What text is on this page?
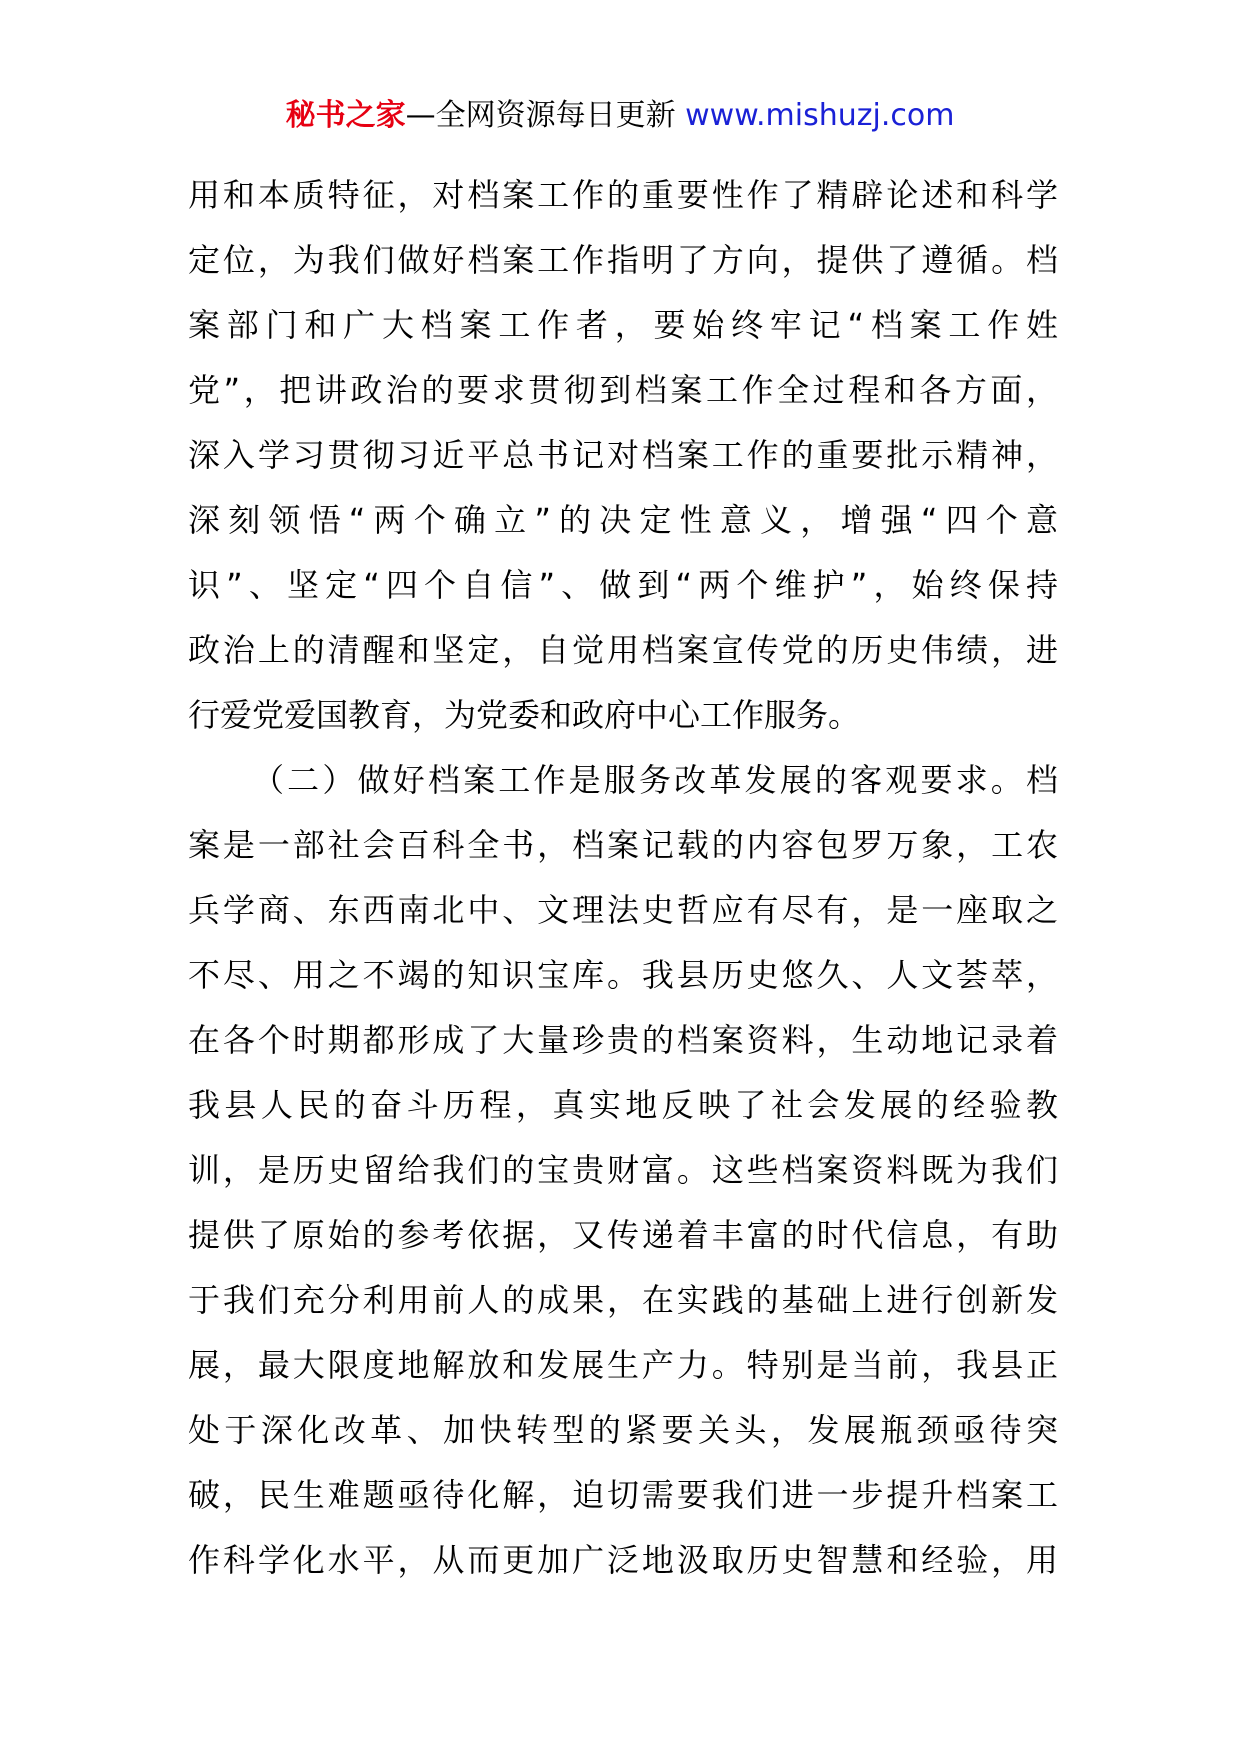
秘书之家—全网资源每日更新 www.mishuzj.com
用和本质特征，对档案工作的重要性作了精辟论述和科学
定位，为我们做好档案工作指明了方向，提供了遵循。档
案部门和广大档案工作者，要始终牢记“档案工作姓
党”，把讲政治的要求贯彻到档案工作全过程和各方面，
深入学习贯彻习近平总书记对档案工作的重要批示精神，
深刻领悟“两个确立”的决定性意义，增强“四个意
识”、坚定“四个自信”、做到“两个维护”，始终保持
政治上的清醒和坚定，自觉用档案宣传党的历史伟绩，进
行爱党爱国教育，为党委和政府中心工作服务。
（二）做好档案工作是服务改革发展的客观要求。档
案是一部社会百科全书，档案记载的内容包罗万象，工农
兵学商、东西南北中、文理法史哲应有尽有，是一座取之
不尽、用之不竭的知识宝库。我县历史悠久、人文荟萃，
在各个时期都形成了大量珍贵的档案资料，生动地记录着
我县人民的奋斗历程，真实地反映了社会发展的经验教
训，是历史留给我们的宝贵财富。这些档案资料既为我们
提供了原始的参考依据，又传递着丰富的时代信息，有助
于我们充分利用前人的成果，在实践的基础上进行创新发
展，最大限度地解放和发展生产力。特别是当前，我县正
处于深化改革、加快转型的紧要关头，发展瓶颈亟待突
破，民生难题亟待化解，迫切需要我们进一步提升档案工
作科学化水平，从而更加广泛地汲取历史智慧和经验，用
